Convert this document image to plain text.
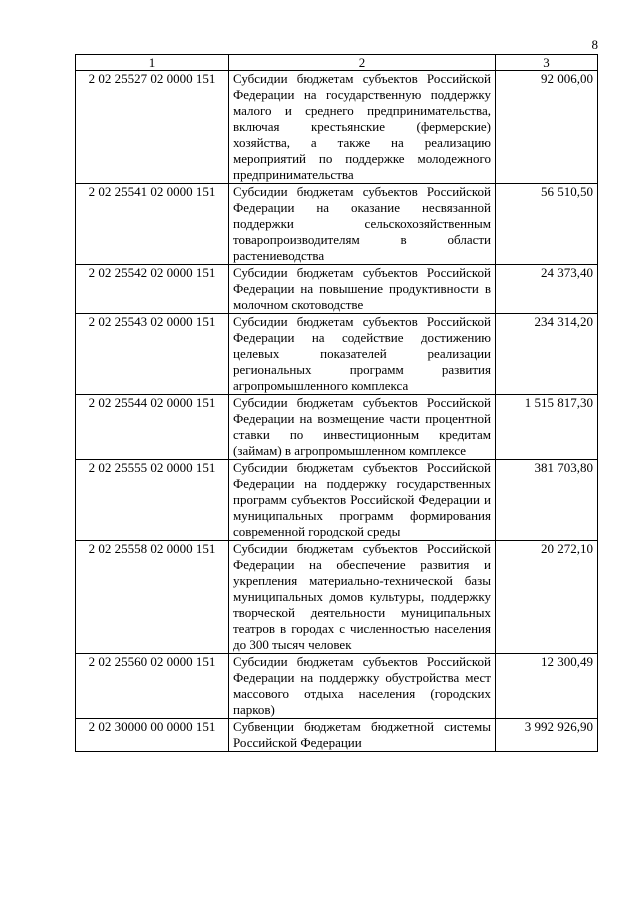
8
1	2	3
2 02 25527 02 0000 151	Субсидии бюджетам субъектов Российской Федерации на государственную поддержку малого и среднего предпринимательства, включая крестьянские (фермерские) хозяйства, а также на реализацию мероприятий по поддержке молодежного предпринимательства	92 006,00
2 02 25541 02 0000 151	Субсидии бюджетам субъектов Российской Федерации на оказание несвязанной поддержки сельскохозяйственным товаропроизводителям в области растениеводства	56 510,50
2 02 25542 02 0000 151	Субсидии бюджетам субъектов Российской Федерации на повышение продуктивности в молочном скотоводстве	24 373,40
2 02 25543 02 0000 151	Субсидии бюджетам субъектов Российской Федерации на содействие достижению целевых показателей реализации региональных программ развития агропромышленного комплекса	234 314,20
2 02 25544 02 0000 151	Субсидии бюджетам субъектов Российской Федерации на возмещение части процентной ставки по инвестиционным кредитам (займам) в агропромышленном комплексе	1 515 817,30
2 02 25555 02 0000 151	Субсидии бюджетам субъектов Российской Федерации на поддержку государственных программ субъектов Российской Федерации и муниципальных программ формирования современной городской среды	381 703,80
2 02 25558 02 0000 151	Субсидии бюджетам субъектов Российской Федерации на обеспечение развития и укрепления материально-технической базы муниципальных домов культуры, поддержку творческой деятельности муниципальных театров в городах с численностью населения до 300 тысяч человек	20 272,10
2 02 25560 02 0000 151	Субсидии бюджетам субъектов Российской Федерации на поддержку обустройства мест массового отдыха населения (городских парков)	12 300,49
2 02 30000 00 0000 151	Субвенции бюджетам бюджетной системы Российской Федерации	3 992 926,90
